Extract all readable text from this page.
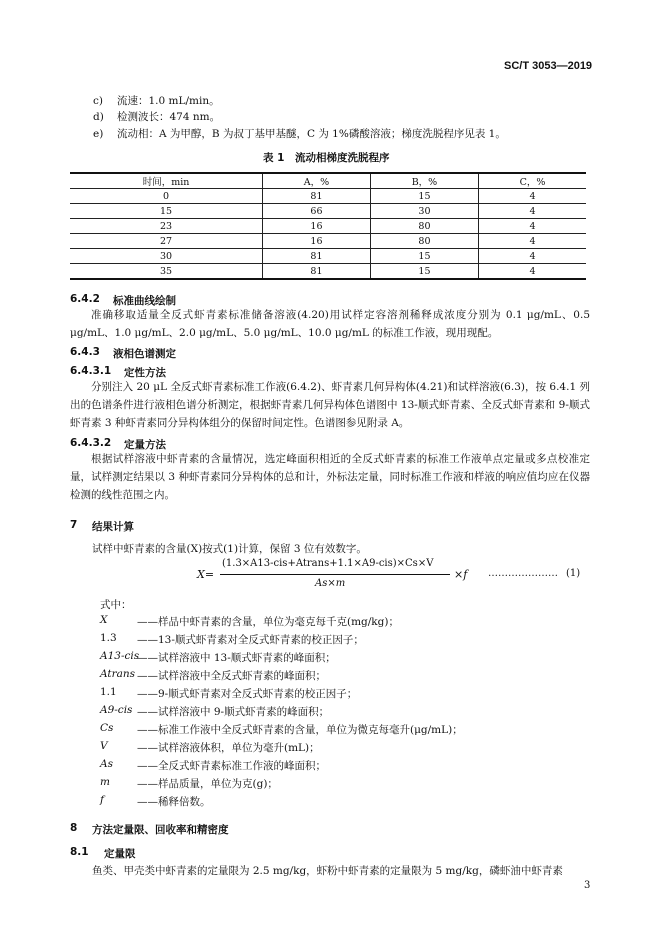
SC/T 3053—2019
c) 流速：1.0 mL/min。
d) 检测波长：474 nm。
e) 流动相：A 为甲醇，B 为叔丁基甲基醚，C 为 1%磷酸溶液；梯度洗脱程序见表 1。
表 1　流动相梯度洗脱程序
时间，min	A，%	B，%	C，%
0	81	15	4
15	66	30	4
23	16	80	4
27	16	80	4
30	81	15	4
35	81	15	4
6.4.2 标准曲线绘制
准确移取适量全反式虾青素标准储备溶液(4.20)用试样定容溶剂稀释成浓度分别为 0.1 μg/mL、0.5 μg/mL、1.0 μg/mL、2.0 μg/mL、5.0 μg/mL、10.0 μg/mL 的标准工作液，现用现配。
6.4.3 液相色谱测定
6.4.3.1 定性方法
分别注入 20 μL 全反式虾青素标准工作液(6.4.2)、虾青素几何异构体(4.21)和试样溶液(6.3)，按 6.4.1 列出的色谱条件进行液相色谱分析测定，根据虾青素几何异构体色谱图中 13-顺式虾青素、全反式虾青素和 9-顺式虾青素 3 种虾青素同分异构体组分的保留时间定性。色谱图参见附录 A。
6.4.3.2 定量方法
根据试样溶液中虾青素的含量情况，选定峰面积相近的全反式虾青素的标准工作液单点定量或多点校准定量，试样测定结果以 3 种虾青素同分异构体的总和计，外标法定量，同时标准工作液和样液的响应值均应在仪器检测的线性范围之内。
7 结果计算
试样中虾青素的含量(X)按式(1)计算，保留 3 位有效数字。
X=
(1.3×A13-cis+Atrans+1.1×A9-cis)×Cs×V
As×m
×f ………………… (1)
式中：
X	——样品中虾青素的含量，单位为毫克每千克(mg/kg)；
1.3 ——13-顺式虾青素对全反式虾青素的校正因子；
A13-cis
——试样溶液中 13-顺式虾青素的峰面积；
Atrans ——试样溶液中全反式虾青素的峰面积；
1.1 ——9-顺式虾青素对全反式虾青素的校正因子；
A9-cis ——试样溶液中 9-顺式虾青素的峰面积；
Cs ——标准工作液中全反式虾青素的含量，单位为微克每毫升(μg/mL)；
V	——试样溶液体积，单位为毫升(mL)；
As ——全反式虾青素标准工作液的峰面积；
m	——样品质量，单位为克(g)；
f	——稀释倍数。
8 方法定量限、回收率和精密度
8.1 定量限
鱼类、甲壳类中虾青素的定量限为 2.5 mg/kg，虾粉中虾青素的定量限为 5 mg/kg，磷虾油中虾青素
3
